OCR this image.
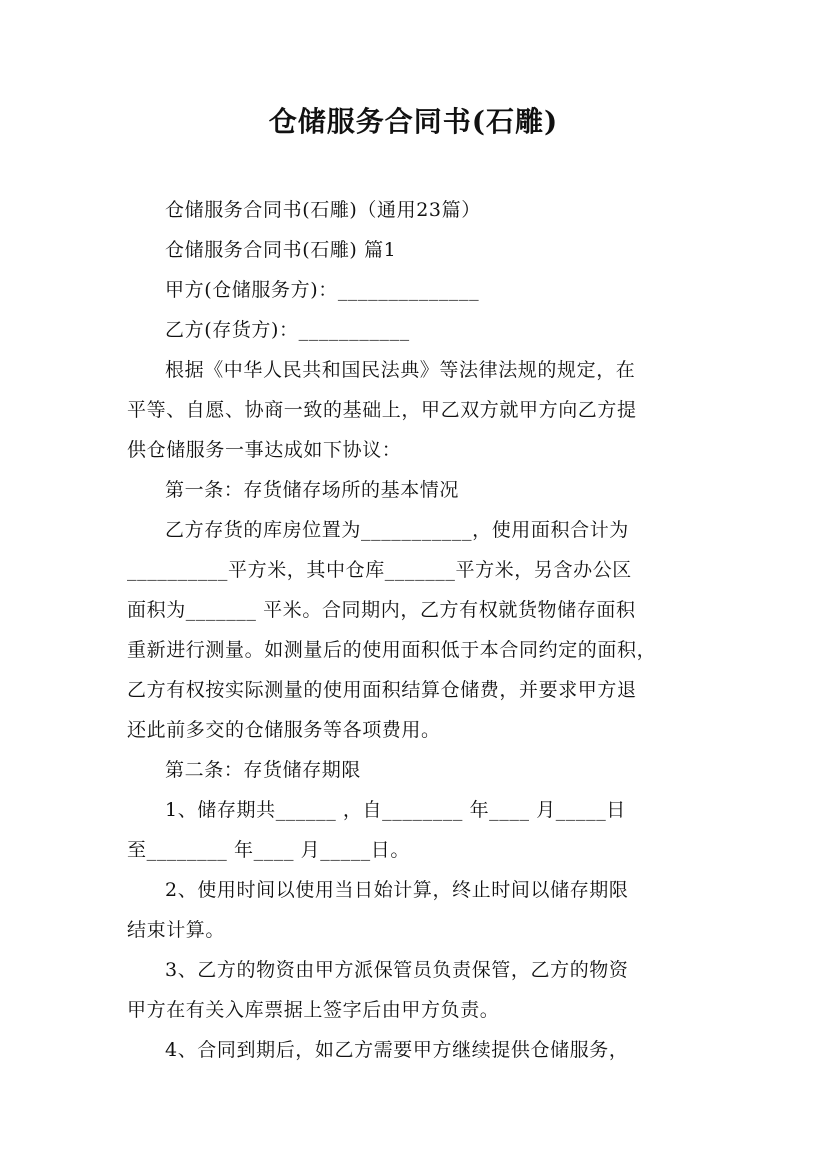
仓储服务合同书(石雕)
仓储服务合同书(石雕)（通用23篇）
仓储服务合同书(石雕) 篇1
甲方(仓储服务方)：______________
乙方(存货方)：___________
根据《中华人民共和国民法典》等法律法规的规定，在
平等、自愿、协商一致的基础上，甲乙双方就甲方向乙方提
供仓储服务一事达成如下协议：
第一条：存货储存场所的基本情况
乙方存货的库房位置为___________，使用面积合计为
__________平方米，其中仓库_______平方米，另含办公区
面积为_______ 平米。合同期内，乙方有权就货物储存面积
重新进行测量。如测量后的使用面积低于本合同约定的面积，
乙方有权按实际测量的使用面积结算仓储费，并要求甲方退
还此前多交的仓储服务等各项费用。
第二条：存货储存期限
1、储存期共______ ，自________ 年____ 月_____日
至________ 年____ 月_____日。
2、使用时间以使用当日始计算，终止时间以储存期限
结束计算。
3、乙方的物资由甲方派保管员负责保管，乙方的物资
甲方在有关入库票据上签字后由甲方负责。
4、合同到期后，如乙方需要甲方继续提供仓储服务，
